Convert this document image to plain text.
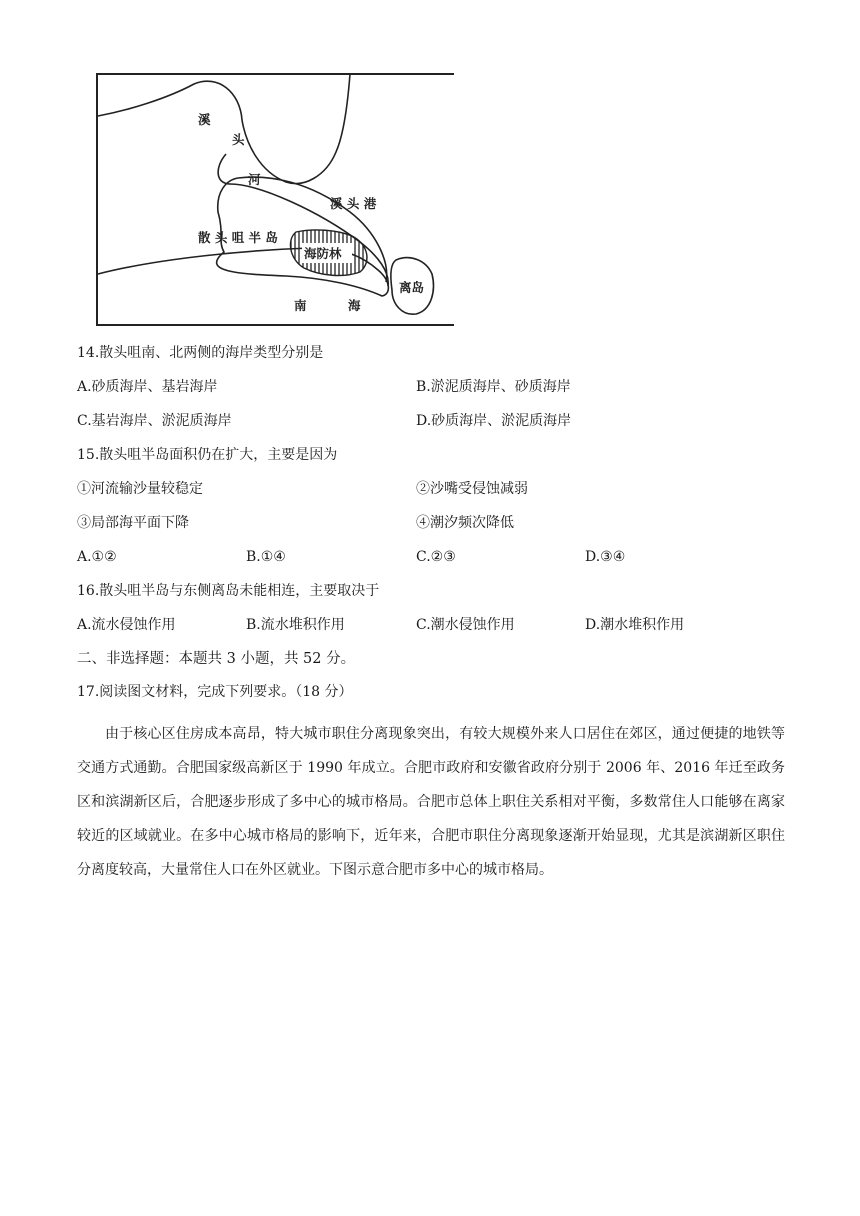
溪
头
河
溪 头 港
散 头 咀 半 岛
海防林
离岛
南	海
14.散头咀南、北两侧的海岸类型分别是
A.砂质海岸、基岩海岸	B.淤泥质海岸、砂质海岸
C.基岩海岸、淤泥质海岸	D.砂质海岸、淤泥质海岸
15.散头咀半岛面积仍在扩大，主要是因为
①河流输沙量较稳定	②沙嘴受侵蚀减弱
③局部海平面下降	④潮汐频次降低
A.①②	B.①④	C.②③	D.③④
16.散头咀半岛与东侧离岛未能相连，主要取决于
A.流水侵蚀作用	B.流水堆积作用	C.潮水侵蚀作用	D.潮水堆积作用
二、非选择题：本题共 3 小题，共 52 分。
17.阅读图文材料，完成下列要求。（18 分）
由于核心区住房成本高昂，特大城市职住分离现象突出，有较大规模外来人口居住在郊区，通过便捷的地铁等交通方式通勤。合肥国家级高新区于 1990 年成立。合肥市政府和安徽省政府分别于 2006 年、2016 年迁至政务区和滨湖新区后，合肥逐步形成了多中心的城市格局。合肥市总体上职住关系相对平衡，多数常住人口能够在离家较近的区域就业。在多中心城市格局的影响下，近年来，合肥市职住分离现象逐渐开始显现，尤其是滨湖新区职住分离度较高，大量常住人口在外区就业。下图示意合肥市多中心的城市格局。
